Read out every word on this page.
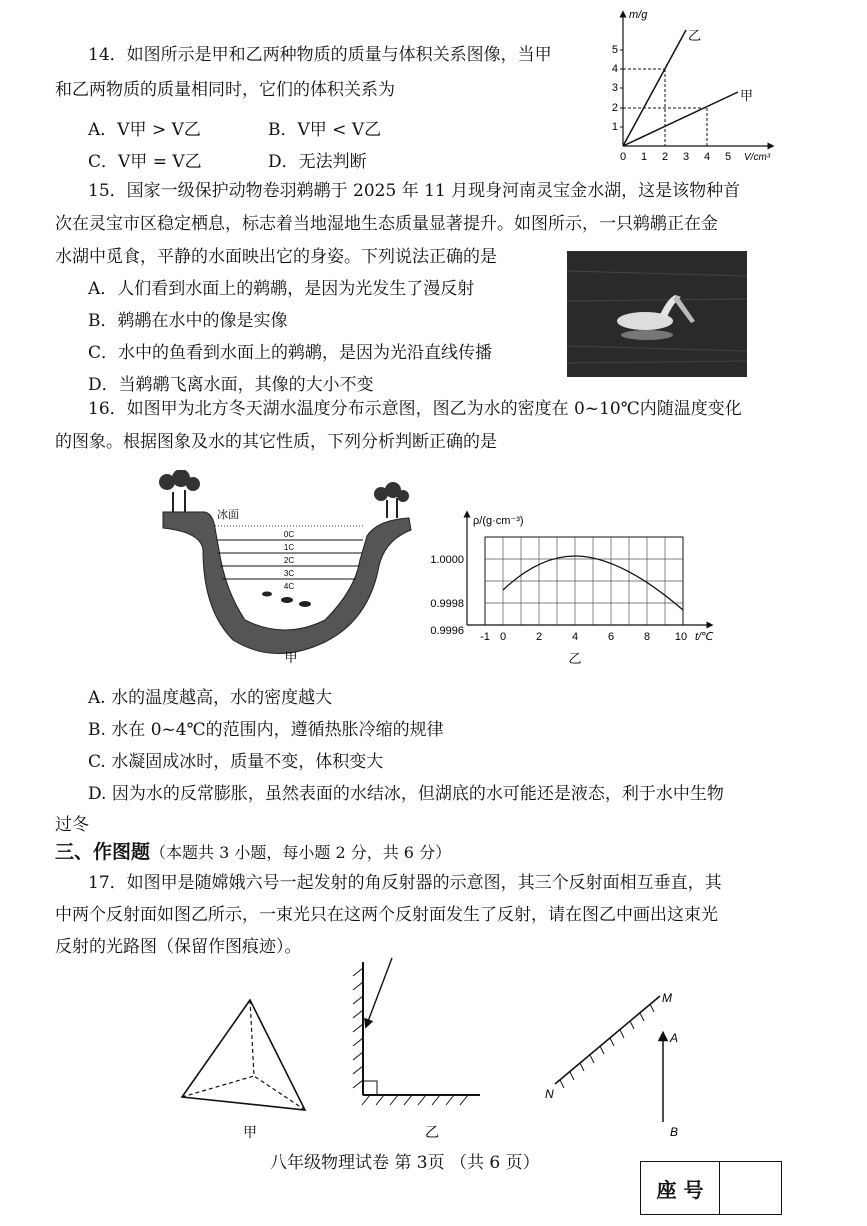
14．如图所示是甲和乙两种物质的质量与体积关系图像，当甲
和乙两物质的质量相同时，它们的体积关系为
A．V甲 > V乙	B．V甲 < V乙
C．V甲 = V乙	D．无法判断
m/g
V/cm³
1
2
3
4
5
0 1 2 3 4 5
乙
甲
15．国家一级保护动物卷羽鹈鹕于 2025 年 11 月现身河南灵宝金水湖，这是该物种首
次在灵宝市区稳定栖息，标志着当地湿地生态质量显著提升。如图所示，一只鹈鹕正在金
水湖中觅食，平静的水面映出它的身姿。下列说法正确的是
A．人们看到水面上的鹈鹕，是因为光发生了漫反射
B．鹈鹕在水中的像是实像
C．水中的鱼看到水面上的鹈鹕，是因为光沿直线传播
D．当鹈鹕飞离水面，其像的大小不变
16．如图甲为北方冬天湖水温度分布示意图，图乙为水的密度在 0~10℃内随温度变化
的图象。根据图象及水的其它性质，下列分析判断正确的是
冰面
0C
1C
2C
3C
4C
甲
ρ/(g·cm⁻³)
1.0000
0.9998
0.9996 -1 0	2	4	6	8 10 t/℃
乙
A. 水的温度越高，水的密度越大
B. 水在 0~4℃的范围内，遵循热胀冷缩的规律
C. 水凝固成冰时，质量不变，体积变大
D. 因为水的反常膨胀，虽然表面的水结冰，但湖底的水可能还是液态，利于水中生物
过冬
三、作图题（本题共 3 小题，每小题 2 分，共 6 分）
17．如图甲是随嫦娥六号一起发射的角反射器的示意图，其三个反射面相互垂直，其
中两个反射面如图乙所示，一束光只在这两个反射面发生了反射，请在图乙中画出这束光
反射的光路图（保留作图痕迹）。
甲	乙
M
N
A
B
八年级物理试卷 第 3页 （共 6 页）
座 号
